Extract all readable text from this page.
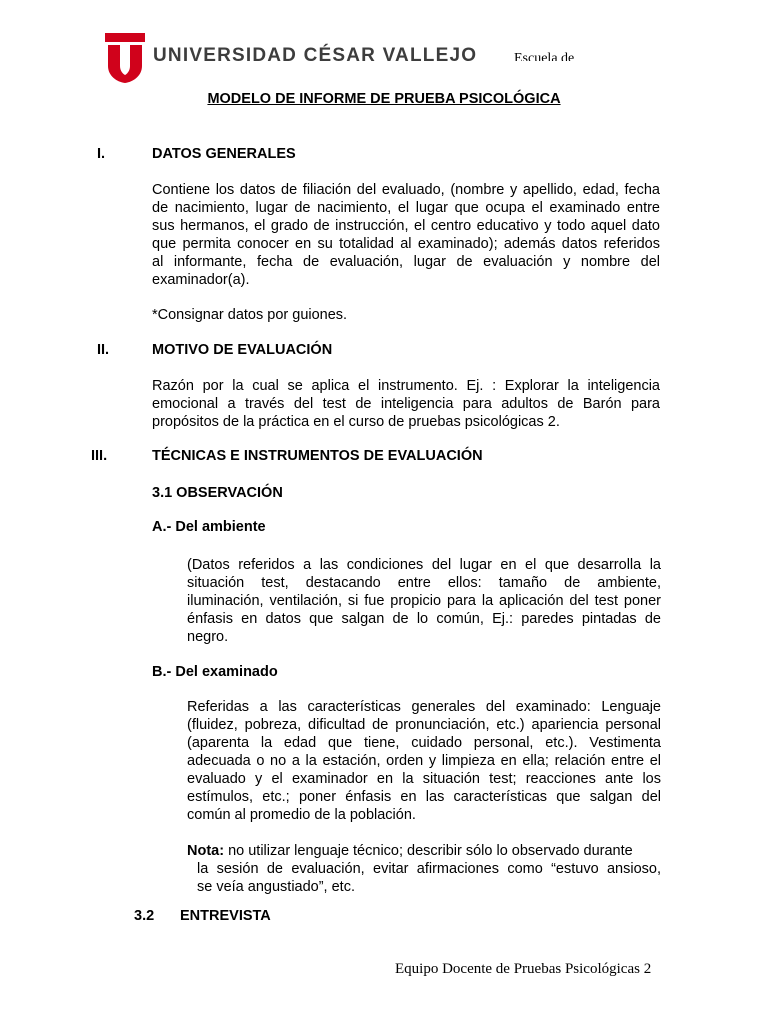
UNIVERSIDAD CÉSAR VALLEJO	Escuela de
MODELO DE INFORME DE PRUEBA PSICOLÓGICA
I.	DATOS GENERALES
Contiene los datos de filiación del evaluado, (nombre y apellido, edad, fecha
de nacimiento, lugar de nacimiento, el lugar que ocupa el examinado entre
sus hermanos, el grado de instrucción, el centro educativo y todo aquel dato
que permita conocer en su totalidad al examinado); además datos referidos
al informante, fecha de evaluación, lugar de evaluación y nombre del
examinador(a).
*Consignar datos por guiones.
II.	MOTIVO DE EVALUACIÓN
Razón por la cual se aplica el instrumento. Ej. : Explorar la inteligencia
emocional a través del test de inteligencia para adultos de Barón para
propósitos de la práctica en el curso de pruebas psicológicas 2.
III.	TÉCNICAS E INSTRUMENTOS DE EVALUACIÓN
3.1 OBSERVACIÓN
A.- Del ambiente
(Datos referidos a las condiciones del lugar en el que desarrolla la
situación test, destacando entre ellos: tamaño de ambiente,
iluminación, ventilación, si fue propicio para la aplicación del test poner
énfasis en datos que salgan de lo común, Ej.: paredes pintadas de
negro.
B.- Del examinado
Referidas a las características generales del examinado: Lenguaje
(fluidez, pobreza, dificultad de pronunciación, etc.) apariencia personal
(aparenta la edad que tiene, cuidado personal, etc.). Vestimenta
adecuada o no a la estación, orden y limpieza en ella; relación entre el
evaluado y el examinador en la situación test; reacciones ante los
estímulos, etc.; poner énfasis en las características que salgan del
común al promedio de la población.
Nota: no utilizar lenguaje técnico; describir sólo lo observado durante
la sesión de evaluación, evitar afirmaciones como “estuvo ansioso,
se veía angustiado”, etc.
3.2 ENTREVISTA
Equipo Docente de Pruebas Psicológicas 2
